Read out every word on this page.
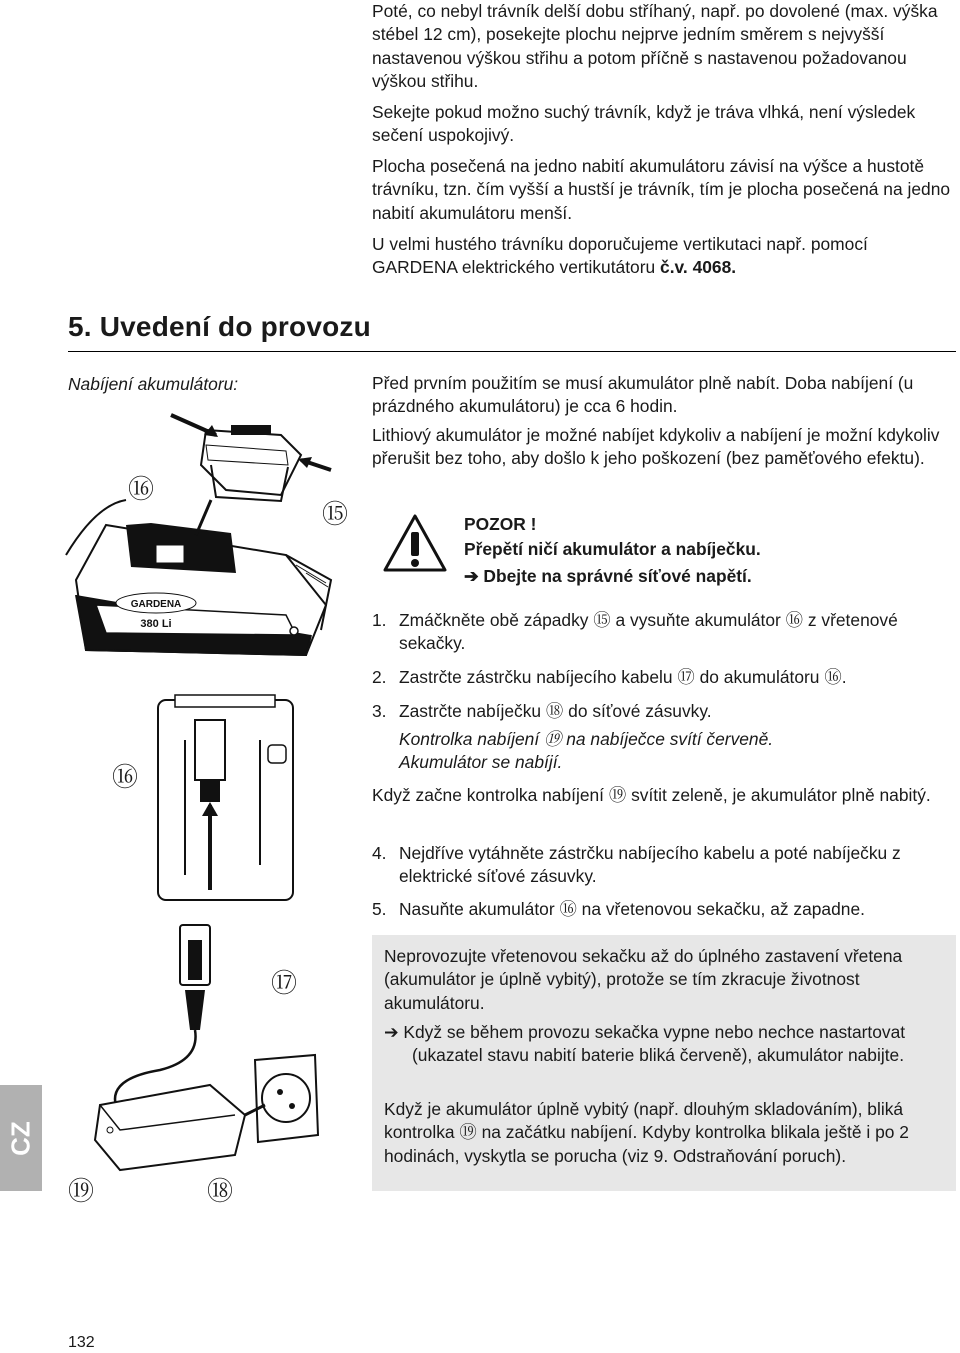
Poté, co nebyl trávník delší dobu stříhaný, např. po dovolené (max. výška stébel 12 cm), posekejte plochu nejprve jedním směrem s nejvyšší nastavenou výškou střihu a potom příčně s nastavenou požadovanou výškou střihu.

Sekejte pokud možno suchý trávník, když je tráva vlhká, není výsledek sečení uspokojivý.

Plocha posečená na jedno nabití akumulátoru závisí na výšce a hustotě trávníku, tzn. čím vyšší a hustší je trávník, tím je plocha posečená na jedno nabití akumulátoru menší.

U velmi hustého trávníku doporučujeme vertikutaci např. pomocí GARDENA elektrického vertikutátoru č.v. 4068.

5. Uvedení do provozu

Nabíjení akumulátoru:	Před prvním použitím se musí akumulátor plně nabít. Doba nabíjení (u prázdného akumulátoru) je cca 6 hodin.

Lithiový akumulátor je možné nabíjet kdykoliv a nabíjení je možní kdykoliv přerušit bez toho, aby došlo k jeho poškození (bez paměťového efektu).

POZOR !

Přepětí ničí akumulátor a nabíječku.

➔ Dbejte na správné síťové napětí.

1. Zmáčkněte obě západky ⑮ a vysuňte akumulátor ⑯ z vřetenové sekačky.
2. Zastrčte zástrčku nabíjecího kabelu ⑰ do akumulátoru ⑯.
3. Zastrčte nabíječku ⑱ do síťové zásuvky.

Kontrolka nabíjení ⑲ na nabíječce svítí červeně. Akumulátor se nabíjí.

Když začne kontrolka nabíjení ⑲ svítit zeleně, je akumulátor plně nabitý.

4. Nejdříve vytáhněte zástrčku nabíjecího kabelu a poté nabíječku z elektrické síťové zásuvky.
5. Nasuňte akumulátor ⑯ na vřetenovou sekačku, až zapadne.

Neprovozujte vřetenovou sekačku až do úplného zastavení vřetena (akumulátor je úplně vybitý), protože se tím zkracuje životnost akumulátoru.

➔ Když se během provozu sekačka vypne nebo nechce nastartovat (ukazatel stavu nabití baterie bliká červeně), akumulátor nabijte.

Když je akumulátor úplně vybitý (např. dlouhým skladováním), bliká kontrolka ⑲ na začátku nabíjení. Kdyby kontrolka blikala ještě i po 2 hodinách, vyskytla se porucha (viz 9. Odstraňování poruch).

GARDENA
380 Li
⑯
⑮
⑯
⑰
⑲	⑱
CZ

132
